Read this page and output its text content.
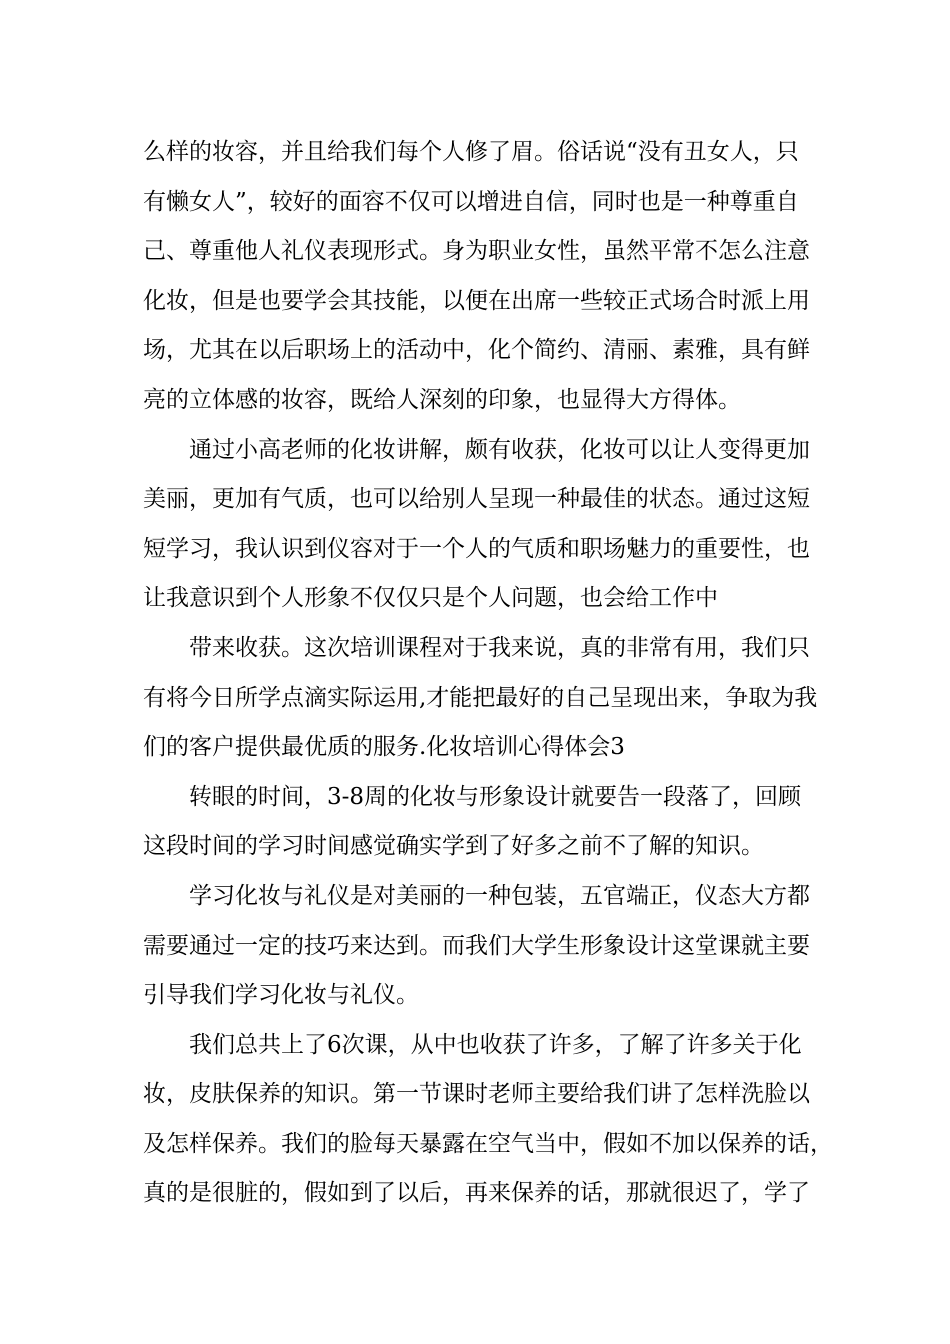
么样的妆容，并且给我们每个人修了眉。俗话说“没有丑女人，只
有懒女人”，较好的面容不仅可以增进自信，同时也是一种尊重自
己、尊重他人礼仪表现形式。身为职业女性，虽然平常不怎么注意
化妆，但是也要学会其技能，以便在出席一些较正式场合时派上用
场，尤其在以后职场上的活动中，化个简约、清丽、素雅，具有鲜
亮的立体感的妆容，既给人深刻的印象，也显得大方得体。
通过小高老师的化妆讲解，颇有收获，化妆可以让人变得更加
美丽，更加有气质，也可以给别人呈现一种最佳的状态。通过这短
短学习，我认识到仪容对于一个人的气质和职场魅力的重要性，也
让我意识到个人形象不仅仅只是个人问题，也会给工作中
带来收获。这次培训课程对于我来说，真的非常有用，我们只
有将今日所学点滴实际运用,才能把最好的自己呈现出来，争取为我
们的客户提供最优质的服务.化妆培训心得体会3
转眼的时间，3-8周的化妆与形象设计就要告一段落了，回顾
这段时间的学习时间感觉确实学到了好多之前不了解的知识。
学习化妆与礼仪是对美丽的一种包装，五官端正，仪态大方都
需要通过一定的技巧来达到。而我们大学生形象设计这堂课就主要
引导我们学习化妆与礼仪。
我们总共上了6次课，从中也收获了许多，了解了许多关于化
妆，皮肤保养的知识。第一节课时老师主要给我们讲了怎样洗脸以
及怎样保养。我们的脸每天暴露在空气当中，假如不加以保养的话，
真的是很脏的，假如到了以后，再来保养的话，那就很迟了，学了
